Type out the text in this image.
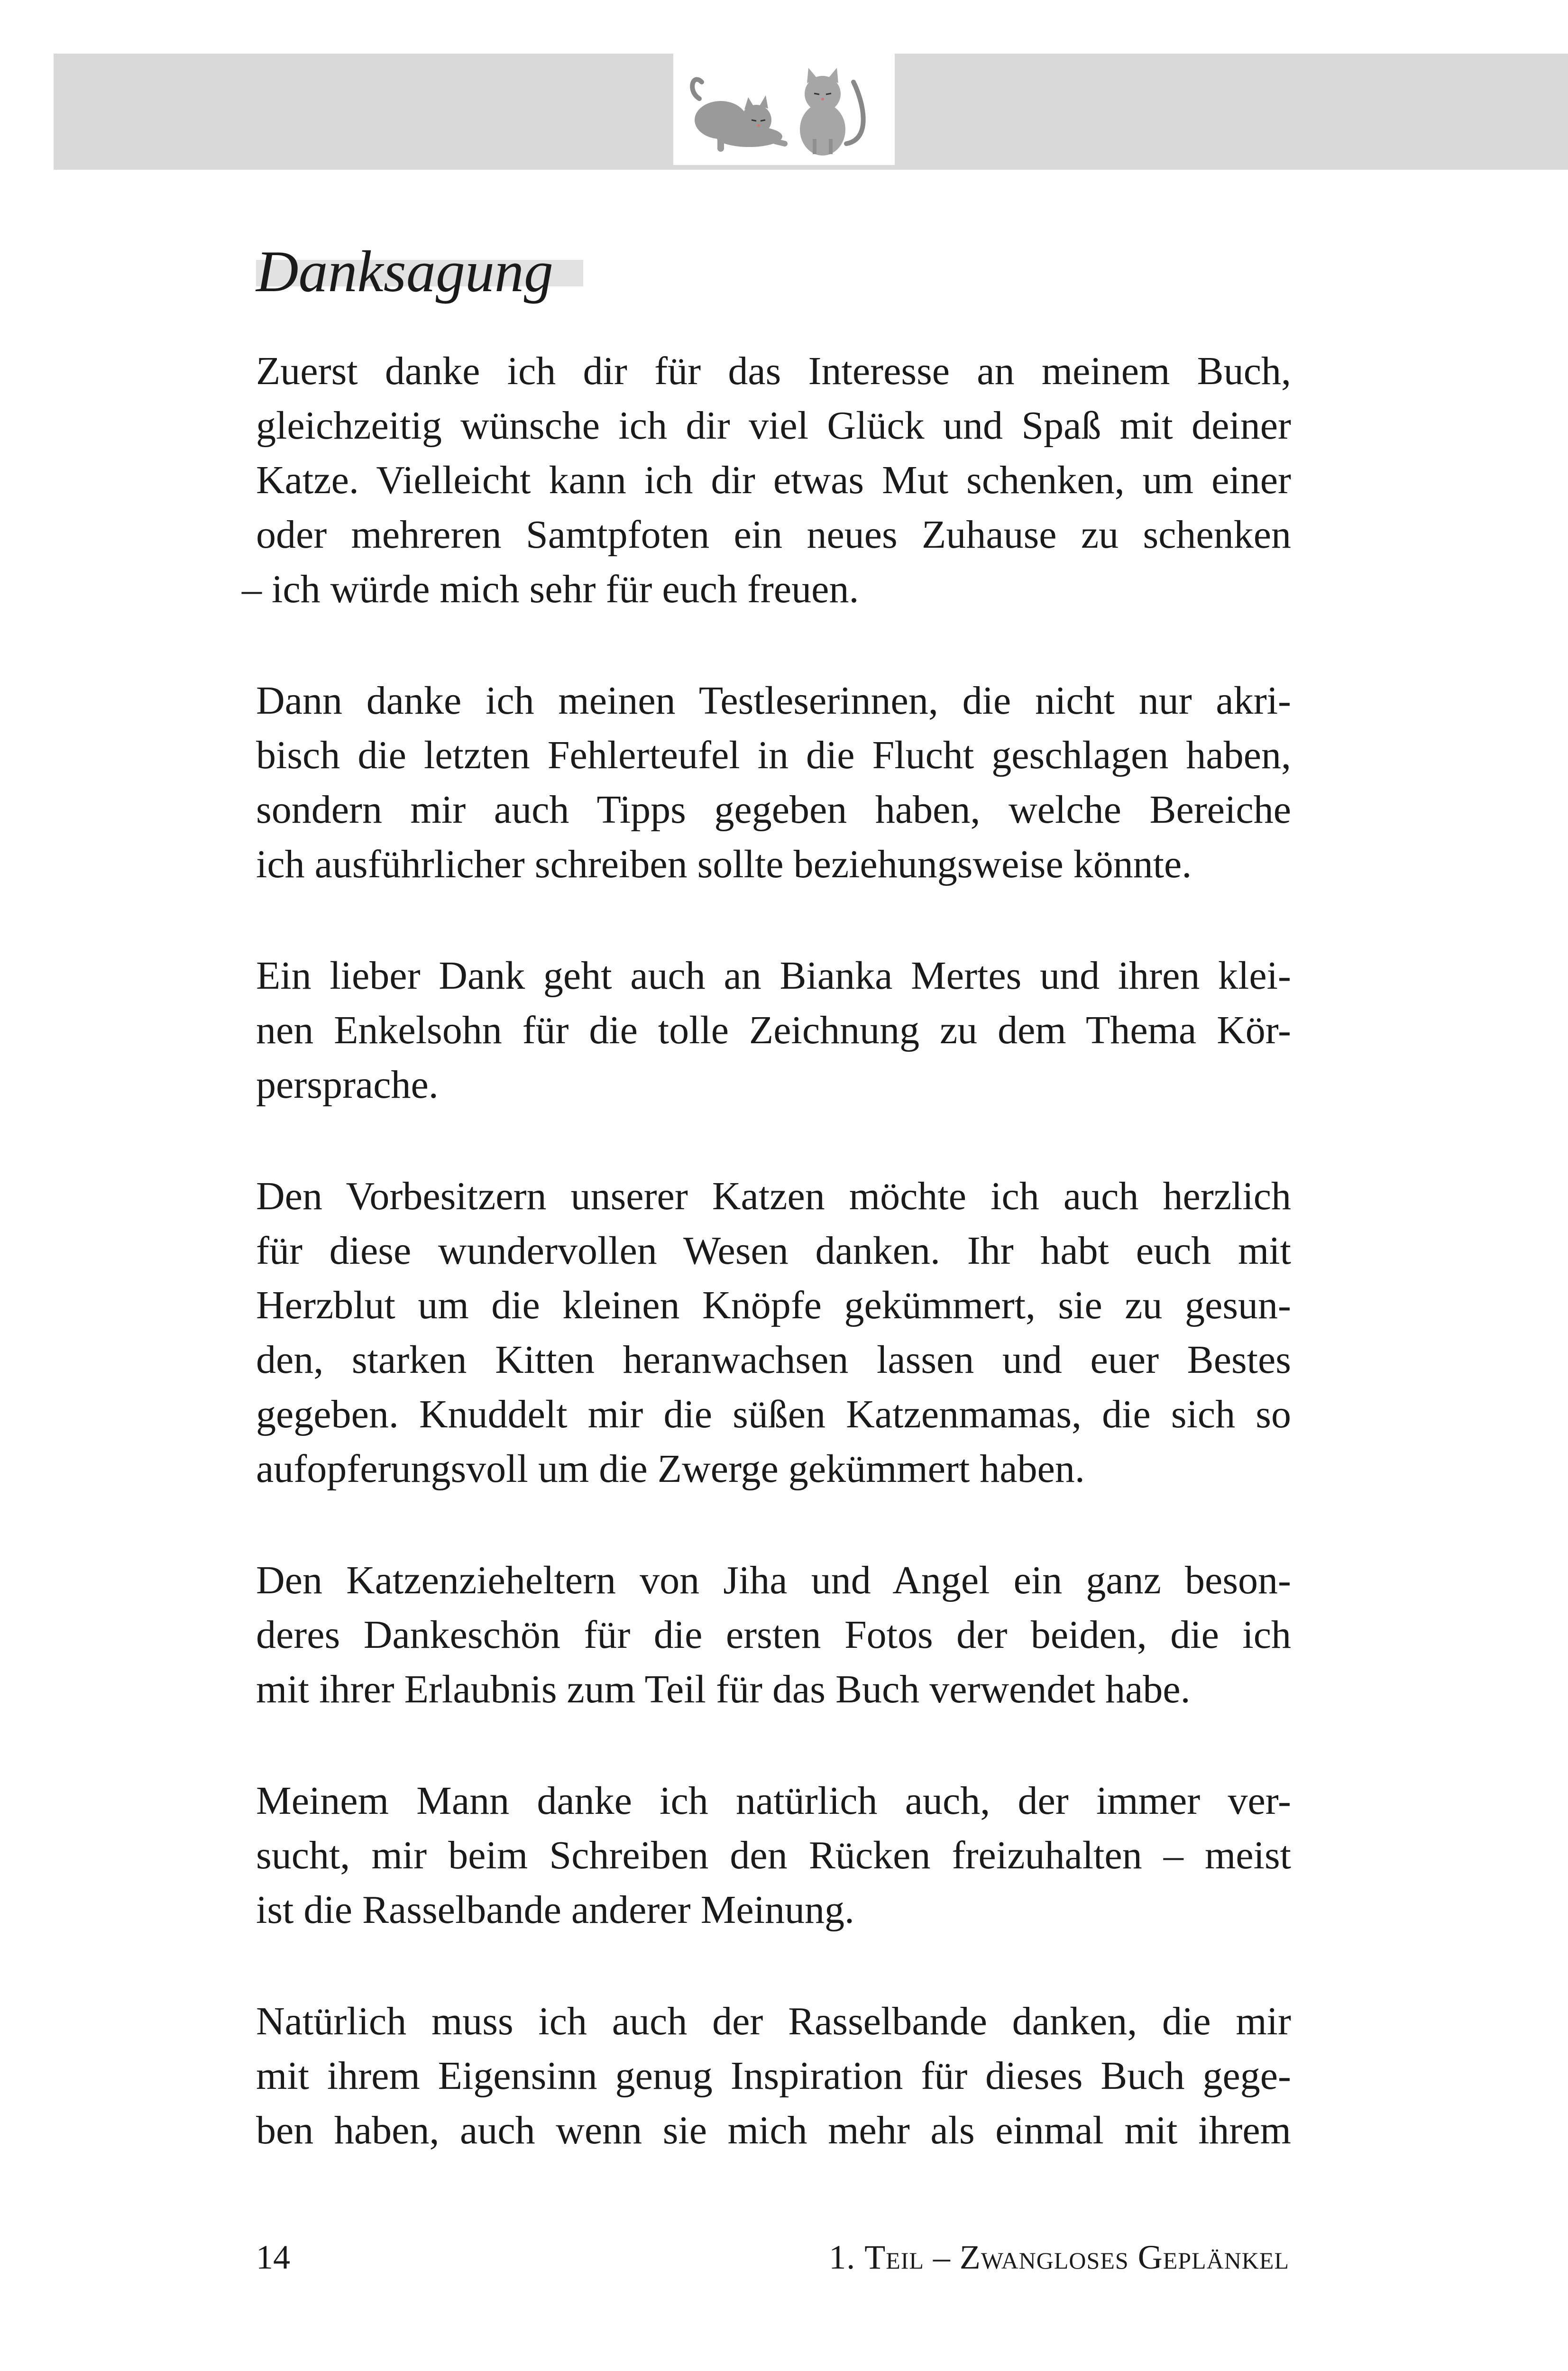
Danksagung
Zuerst danke ich dir für das Interesse an meinem Buch,
gleichzeitig wünsche ich dir viel Glück und Spaß mit deiner
Katze. Vielleicht kann ich dir etwas Mut schenken, um einer
oder mehreren Samtpfoten ein neues Zuhause zu schenken
– ich würde mich sehr für euch freuen.
Dann danke ich meinen Testleserinnen, die nicht nur akri-
bisch die letzten Fehlerteufel in die Flucht geschlagen haben,
sondern mir auch Tipps gegeben haben, welche Bereiche
ich ausführlicher schreiben sollte beziehungsweise könnte.
Ein lieber Dank geht auch an Bianka Mertes und ihren klei-
nen Enkelsohn für die tolle Zeichnung zu dem Thema Kör-
persprache.
Den Vorbesitzern unserer Katzen möchte ich auch herzlich
für diese wundervollen Wesen danken. Ihr habt euch mit
Herzblut um die kleinen Knöpfe gekümmert, sie zu gesun-
den, starken Kitten heranwachsen lassen und euer Bestes
gegeben. Knuddelt mir die süßen Katzenmamas, die sich so
aufopferungsvoll um die Zwerge gekümmert haben.
Den Katzenzieheltern von Jiha und Angel ein ganz beson-
deres Dankeschön für die ersten Fotos der beiden, die ich
mit ihrer Erlaubnis zum Teil für das Buch verwendet habe.
Meinem Mann danke ich natürlich auch, der immer ver-
sucht, mir beim Schreiben den Rücken freizuhalten – meist
ist die Rasselbande anderer Meinung.
Natürlich muss ich auch der Rasselbande danken, die mir
mit ihrem Eigensinn genug Inspiration für dieses Buch gege-
ben haben, auch wenn sie mich mehr als einmal mit ihrem
14	1. Teil – Zwangloses Geplänkel
